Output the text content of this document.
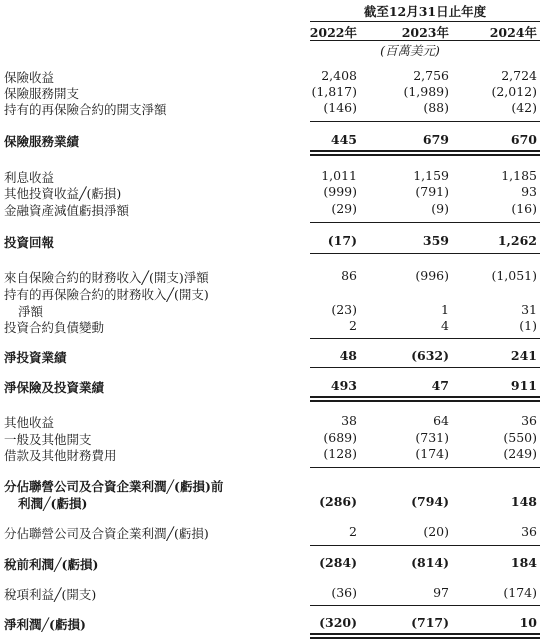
截至12月31日止年度
2022年	2023年	2024年
(百萬美元)
保險收益	2,408	2,756	2,724
保險服務開支	(1,817)	(1,989)	(2,012)
持有的再保險合約的開支淨額	(146)	(88)	(42)
保險服務業績	445	679	670
利息收益	1,011	1,159	1,185
其他投資收益╱(虧損)	(999)	(791)	93
金融資產減值虧損淨額	(29)	(9)	(16)
投資回報	(17)	359	1,262
來自保險合約的財務收入╱(開支)淨額	86	(996)	(1,051)
持有的再保險合約的財務收入╱(開支)
淨額	(23)	1	31
投資合約負債變動	2	4	(1)
淨投資業績	48	(632)	241
淨保險及投資業績	493	47	911
其他收益	38	64	36
一般及其他開支	(689)	(731)	(550)
借款及其他財務費用	(128)	(174)	(249)
分佔聯營公司及合資企業利潤╱(虧損)前
利潤╱(虧損)	(286)	(794)	148
分佔聯營公司及合資企業利潤╱(虧損)	2	(20)	36
稅前利潤╱(虧損)	(284)	(814)	184
稅項利益╱(開支)	(36)	97	(174)
淨利潤╱(虧損)	(320)	(717)	10
